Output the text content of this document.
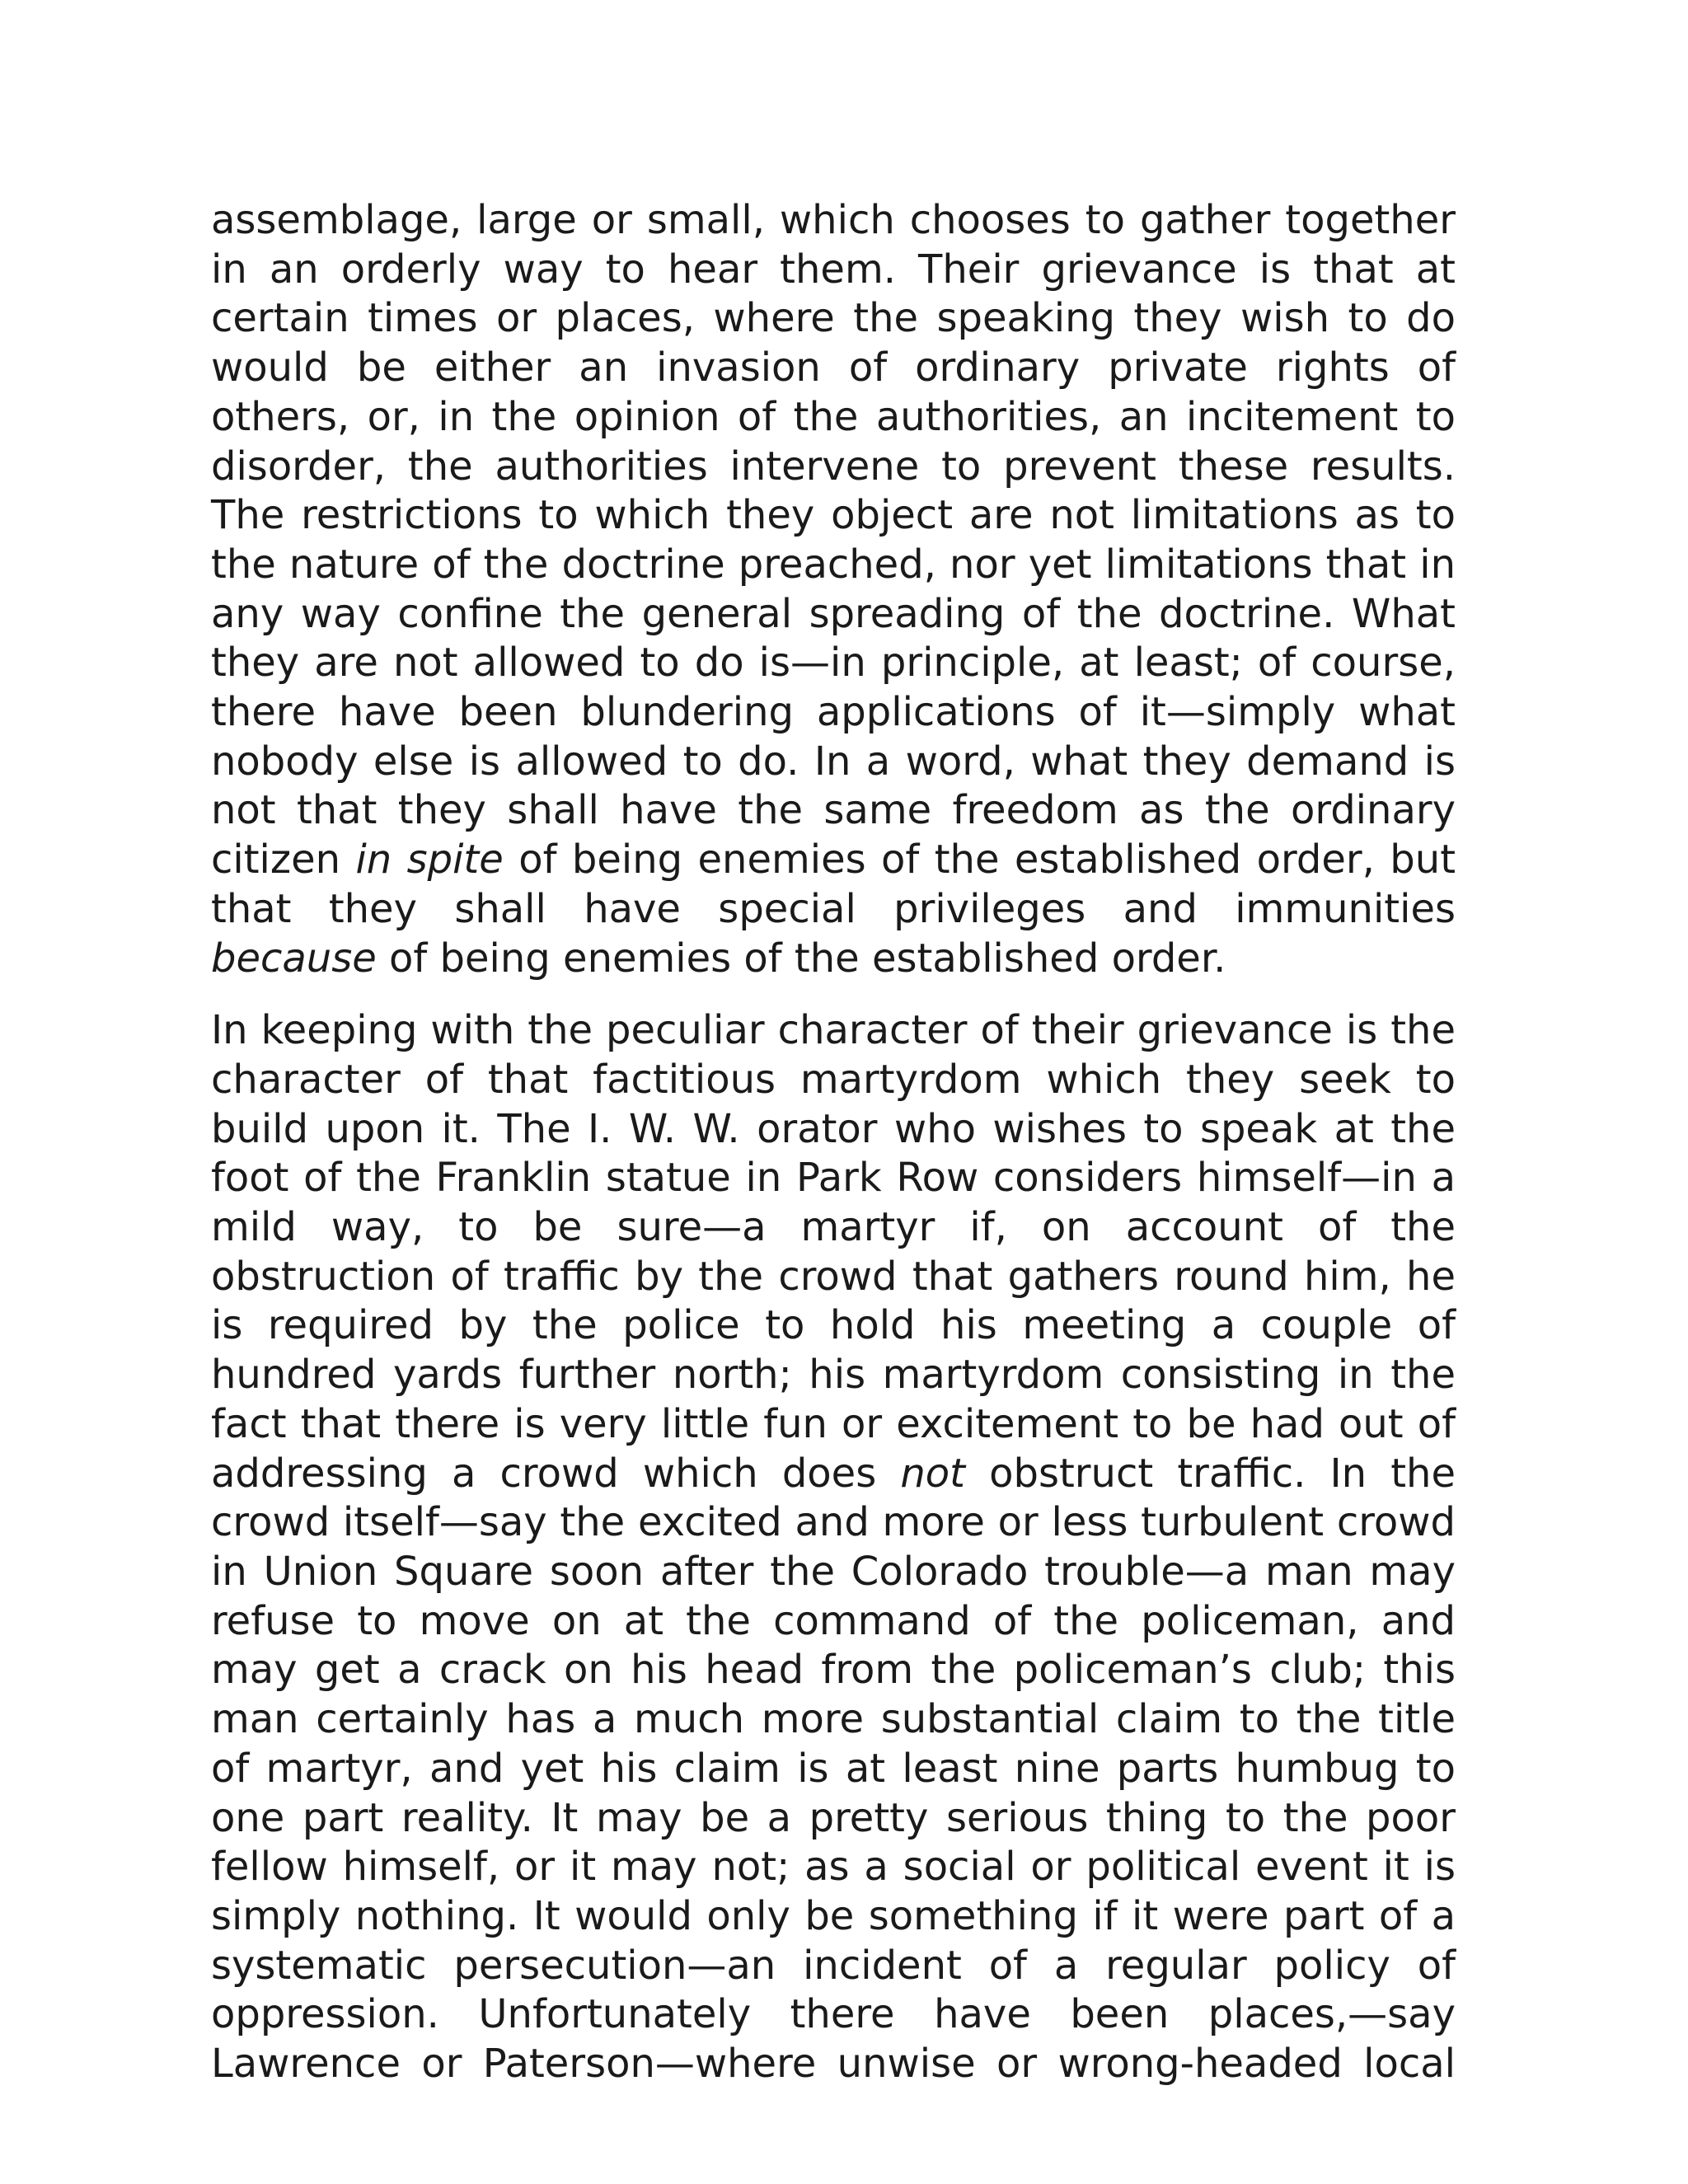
assemblage, large or small, which chooses to gather together in an orderly way to hear them. Their grievance is that at certain times or places, where the speaking they wish to do would be either an invasion of ordinary private rights of others, or, in the opinion of the authorities, an incitement to disorder, the authorities intervene to prevent these results. The restrictions to which they object are not limitations as to the nature of the doctrine preached, nor yet limitations that in any way confine the general spreading of the doctrine. What they are not allowed to do is—in principle, at least; of course, there have been blundering applications of it—simply what nobody else is allowed to do. In a word, what they demand is not that they shall have the same freedom as the ordinary citizen in spite of being enemies of the established order, but that they shall have special privileges and immunities because of being enemies of the established order.

In keeping with the peculiar character of their grievance is the character of that factitious martyrdom which they seek to build upon it. The I. W. W. orator who wishes to speak at the foot of the Franklin statue in Park Row considers himself—in a mild way, to be sure—a martyr if, on account of the obstruction of traffic by the crowd that gathers round him, he is required by the police to hold his meeting a couple of hundred yards further north; his martyrdom consisting in the fact that there is very little fun or excitement to be had out of addressing a crowd which does not obstruct traffic. In the crowd itself—say the excited and more or less turbulent crowd in Union Square soon after the Colorado trouble—a man may refuse to move on at the command of the policeman, and may get a crack on his head from the policeman’s club; this man certainly has a much more substantial claim to the title of martyr, and yet his claim is at least nine parts humbug to one part reality. It may be a pretty serious thing to the poor fellow himself, or it may not; as a social or political event it is simply nothing. It would only be something if it were part of a systematic persecution—an incident of a regular policy of oppression. Unfortunately there have been places,—say Lawrence or Paterson—where unwise or wrong-headed local
